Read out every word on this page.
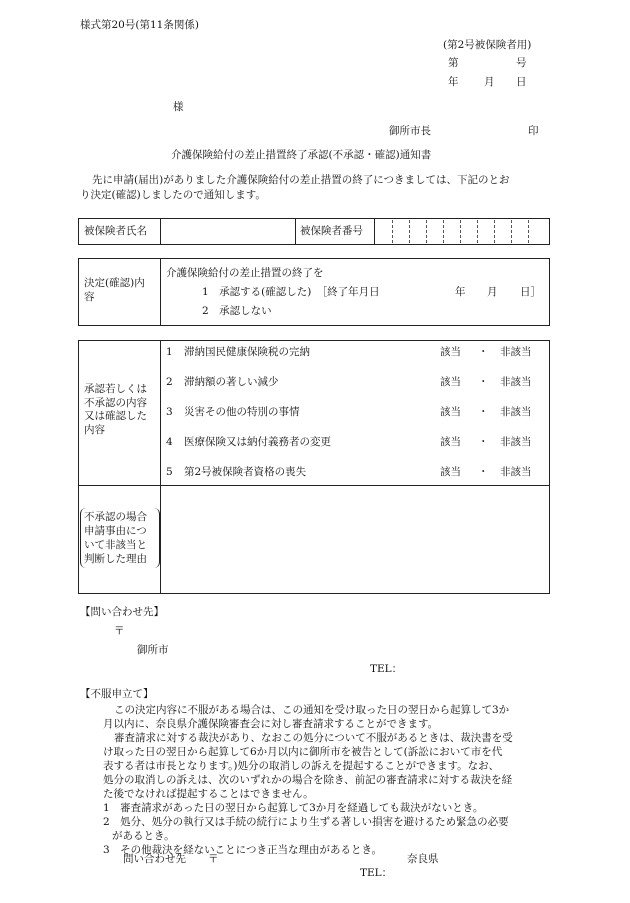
様式第20号(第11条関係)
(第2号被保険者用)
第	号
年 月 日
様
御所市長	印
介護保険給付の差止措置終了承認(不承認・確認)通知書
先に申請(届出)がありました介護保険給付の差止措置の終了につきましては、下記のとお
り決定(確認)しましたので通知します。
被保険者氏名	被保険者番号
決定(確認)内
容
介護保険給付の差止措置の終了を
1　承認する(確認した)　［終了年月日	年 月 日］
2　承認しない
承認若しくは
不承認の内容
又は確認した
内容
1 滞納国民健康保険税の完納	該当 ・ 非該当
2 滞納額の著しい減少	該当 ・ 非該当
3 災害その他の特別の事情	該当 ・ 非該当
4 医療保険又は納付義務者の変更	該当 ・ 非該当
5 第2号被保険者資格の喪失	該当 ・ 非該当
不承認の場合
申請事由につ
いて非該当と
判断した理由
【問い合わせ先】
〒
御所市
TEL：
【不服申立て】
この決定内容に不服がある場合は、この通知を受け取った日の翌日から起算して3か
月以内に、奈良県介護保険審査会に対し審査請求することができます。
審査請求に対する裁決があり、なおこの処分について不服があるときは、裁決書を受
け取った日の翌日から起算して6か月以内に御所市を被告として(訴訟において市を代
表する者は市長となります。)処分の取消しの訴えを提起することができます。なお、
処分の取消しの訴えは、次のいずれかの場合を除き、前記の審査請求に対する裁決を経
た後でなければ提起することはできません。
1　審査請求があった日の翌日から起算して3か月を経過しても裁決がないとき。
2　処分、処分の執行又は手続の続行により生ずる著しい損害を避けるため緊急の必要
があるとき。
3　その他裁決を経ないことにつき正当な理由があるとき。
問い合わせ先 〒	奈良県
TEL：
